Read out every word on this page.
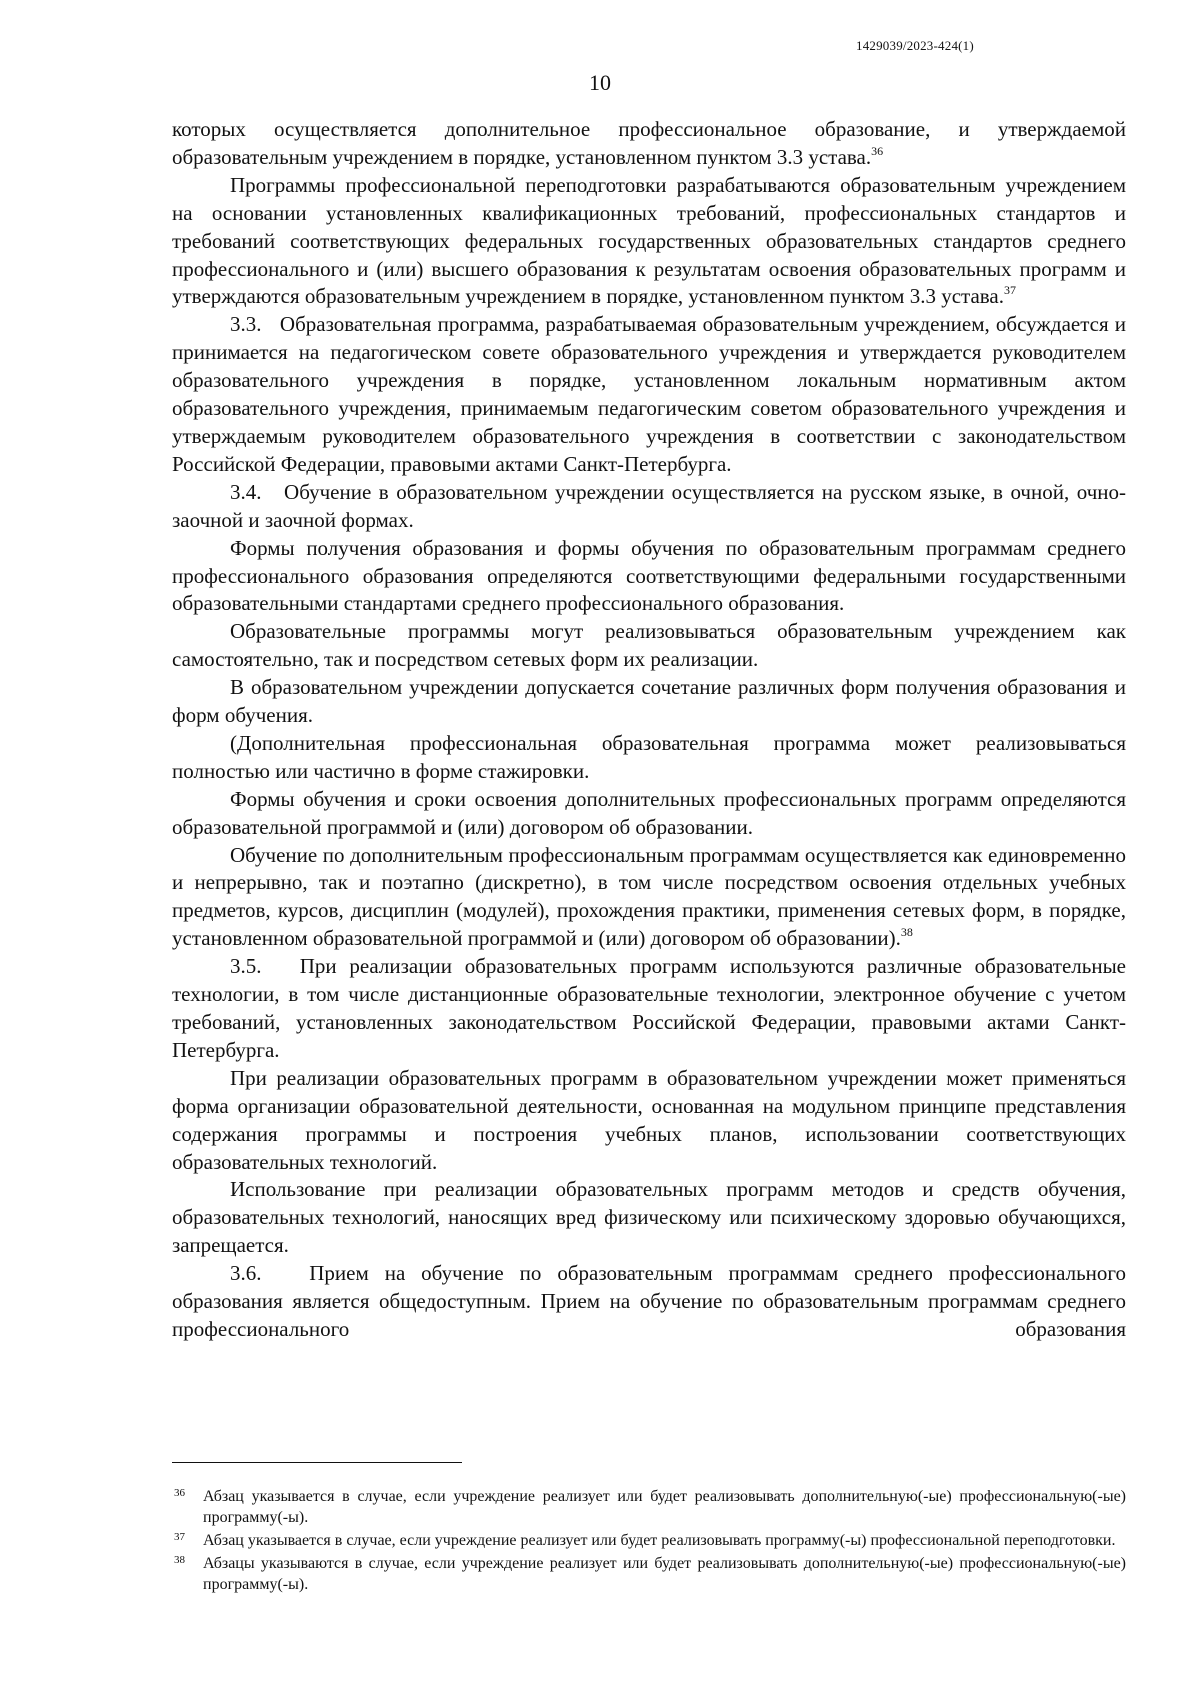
1429039/2023-424(1)
10

которых осуществляется дополнительное профессиональное образование, и утверждаемой образовательным учреждением в порядке, установленном пунктом 3.3 устава.$^{36}$

Программы профессиональной переподготовки разрабатываются образовательным учреждением на основании установленных квалификационных требований, профессиональных стандартов и требований соответствующих федеральных государственных образовательных стандартов среднего профессионального и (или) высшего образования к результатам освоения образовательных программ и утверждаются образовательным учреждением в порядке, установленном пунктом 3.3 устава.$^{37}$

3.3.   Образовательная программа, разрабатываемая образовательным учреждением, обсуждается и принимается на педагогическом совете образовательного учреждения и утверждается руководителем образовательного учреждения в порядке, установленном локальным нормативным актом образовательного учреждения, принимаемым педагогическим советом образовательного учреждения и утверждаемым руководителем образовательного учреждения в соответствии с законодательством Российской Федерации, правовыми актами Санкт-Петербурга.

3.4.   Обучение в образовательном учреждении осуществляется на русском языке, в очной, очно-заочной и заочной формах.

Формы получения образования и формы обучения по образовательным программам среднего профессионального образования определяются соответствующими федеральными государственными образовательными стандартами среднего профессионального образования.

Образовательные программы могут реализовываться образовательным учреждением как самостоятельно, так и посредством сетевых форм их реализации.

В образовательном учреждении допускается сочетание различных форм получения образования и форм обучения.

(Дополнительная профессиональная образовательная программа может реализовываться полностью или частично в форме стажировки.

Формы обучения и сроки освоения дополнительных профессиональных программ определяются образовательной программой и (или) договором об образовании.

Обучение по дополнительным профессиональным программам осуществляется как единовременно и непрерывно, так и поэтапно (дискретно), в том числе посредством освоения отдельных учебных предметов, курсов, дисциплин (модулей), прохождения практики, применения сетевых форм, в порядке, установленном образовательной программой и (или) договором об образовании).$^{38}$

3.5.   При реализации образовательных программ используются различные образовательные технологии, в том числе дистанционные образовательные технологии, электронное обучение с учетом требований, установленных законодательством Российской Федерации, правовыми актами Санкт-Петербурга.

При реализации образовательных программ в образовательном учреждении может применяться форма организации образовательной деятельности, основанная на модульном принципе представления содержания программы и построения учебных планов, использовании соответствующих образовательных технологий.

Использование при реализации образовательных программ методов и средств обучения, образовательных технологий, наносящих вред физическому или психическому здоровью обучающихся, запрещается.

3.6.   Прием на обучение по образовательным программам среднего профессионального образования является общедоступным. Прием на обучение по образовательным программам среднего профессионального образования

36 Абзац указывается в случае, если учреждение реализует или будет реализовывать дополнительную(-ые) профессиональную(-ые) программу(-ы).
37 Абзац указывается в случае, если учреждение реализует или будет реализовывать программу(-ы) профессиональной переподготовки.
38 Абзацы указываются в случае, если учреждение реализует или будет реализовывать дополнительную(-ые) профессиональную(-ые) программу(-ы).
